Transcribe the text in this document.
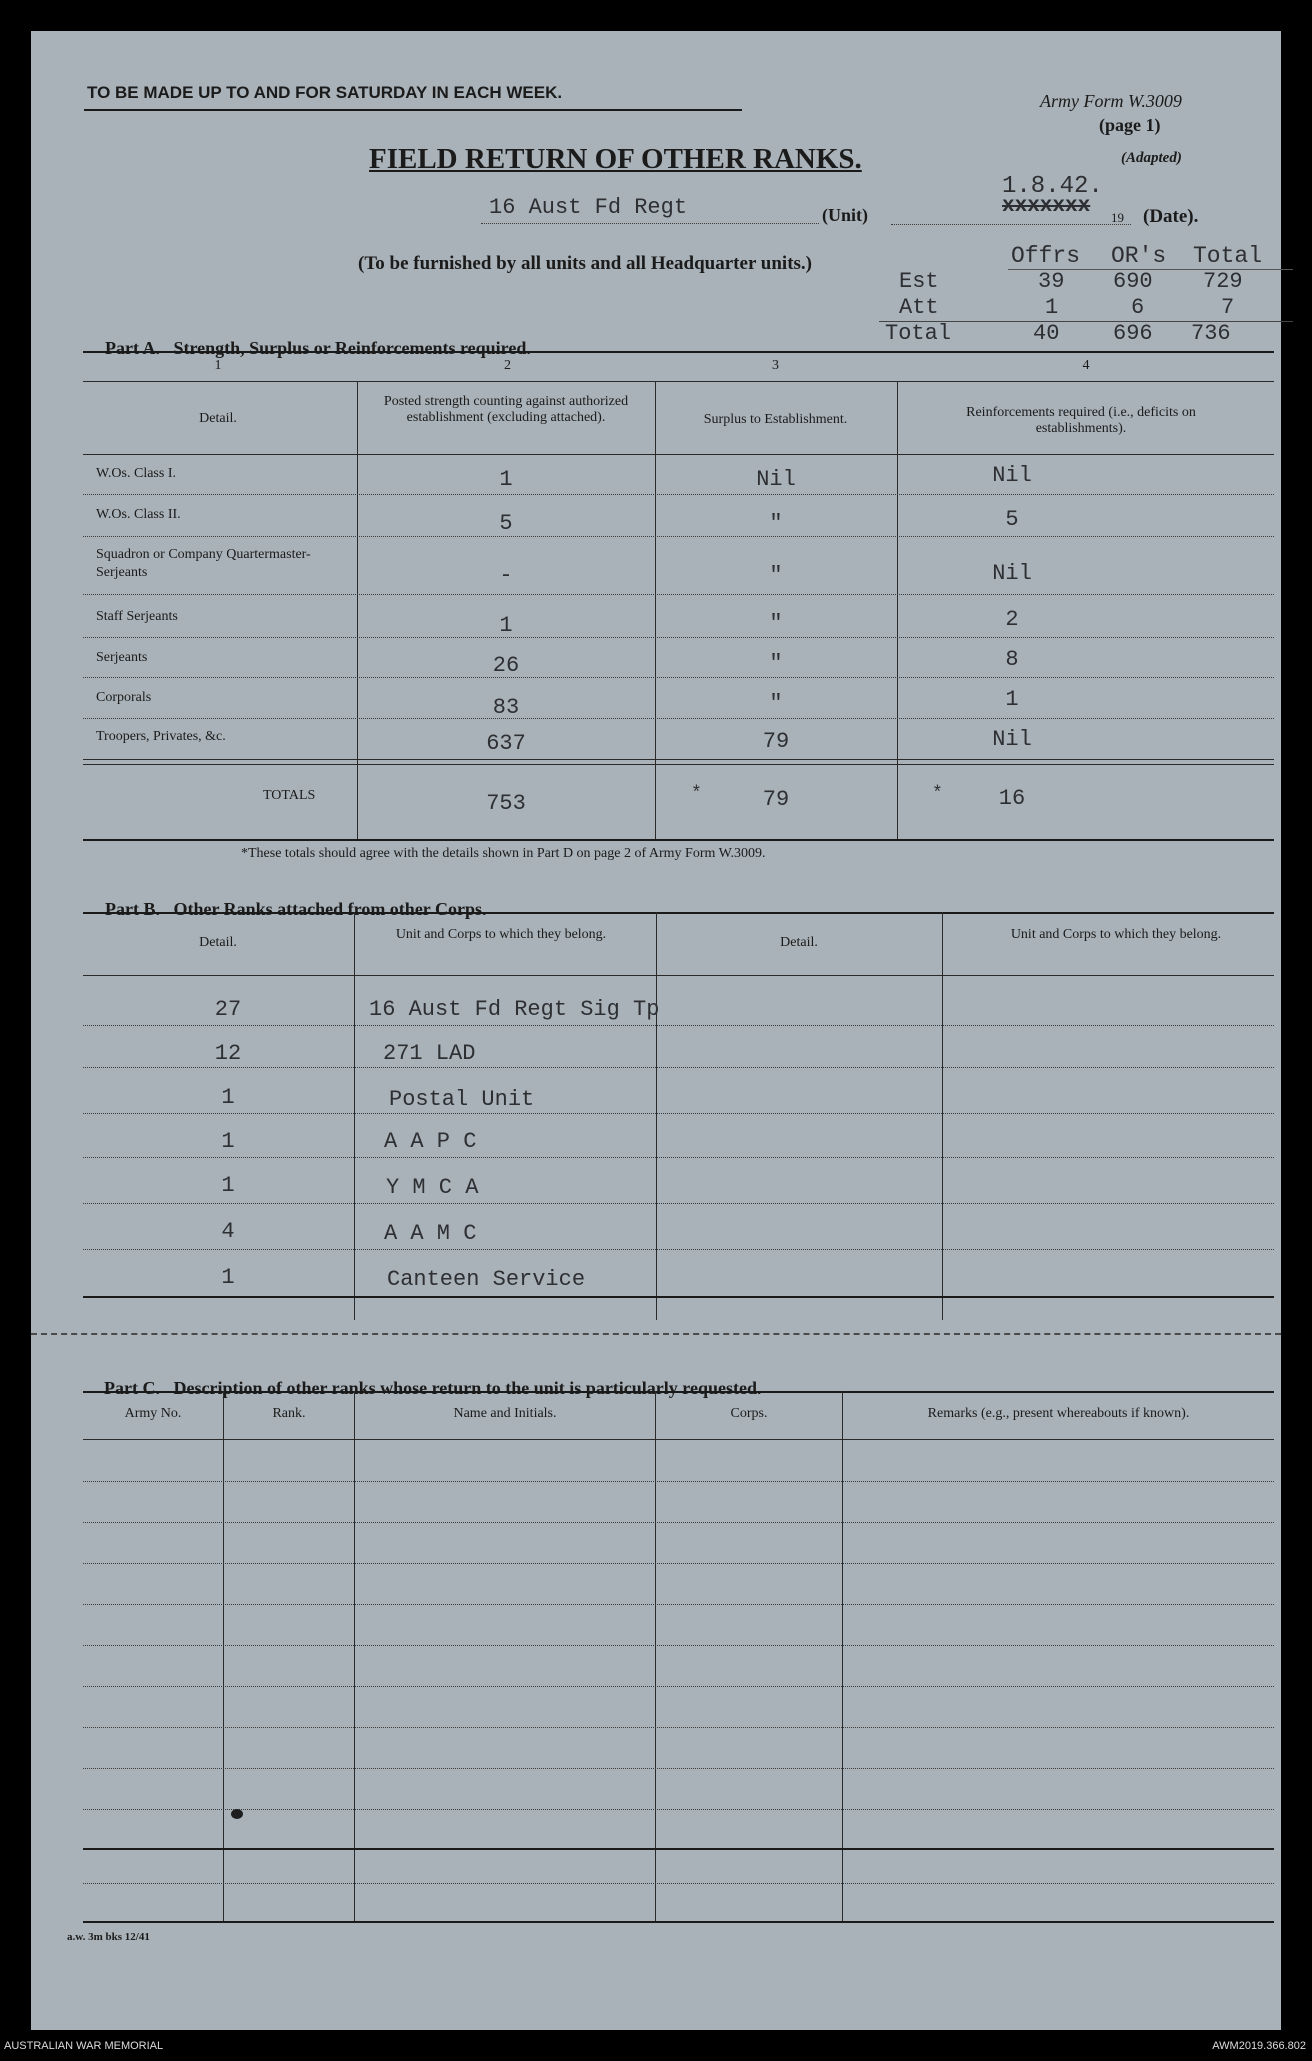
TO BE MADE UP TO AND FOR SATURDAY IN EACH WEEK.	Army Form W.3009
(page 1)
(Adapted)
FIELD RETURN OF OTHER RANKS.
1.8.42.
16 Aust Fd Regt	(Unit)	xxxxxxx 19 (Date).
(To be furnished by all units and all Headquarter units.)	Offrs OR's Total
Est	39 690 729
Att	1	6	7
Total	40 696 736

Part A.   Strength, Surplus or Reinforcements required.

1	2	3	4
Detail.
Posted strength counting against authorized establishment (excluding attached).	Surplus to Establishment.	Reinforcements required (i.e., deficits on establishments).
W.Os. Class I.	1	Nil	Nil
W.Os. Class II.	5	"	5
Squadron or Company Quartermaster-Serjeants	-	"	Nil
Staff Serjeants	1	"	2
Serjeants	26	"	8
Corporals	83	"	1
Troopers, Privates, &c.	637	79	Nil
TOTALS	753	*	79	*	16
*These totals should agree with the details shown in Part D on page 2 of Army Form W.3009.

Part B.   Other Ranks attached from other Corps.

Detail.
Unit and Corps to which they belong.
Detail.
Unit and Corps to which they belong.
27	16 Aust Fd Regt Sig Tp
12	271 LAD
1	Postal Unit
1	A A P C
1	Y M C A
4	A A M C
1	Canteen Service

Part C.   Description of other ranks whose return to the unit is particularly requested.

Army No.	Rank.	Name and Initials.	Corps.	Remarks (e.g., present whereabouts if known).
a.w. 3m bks 12/41
AUSTRALIAN WAR MEMORIAL	AWM2019.366.802
